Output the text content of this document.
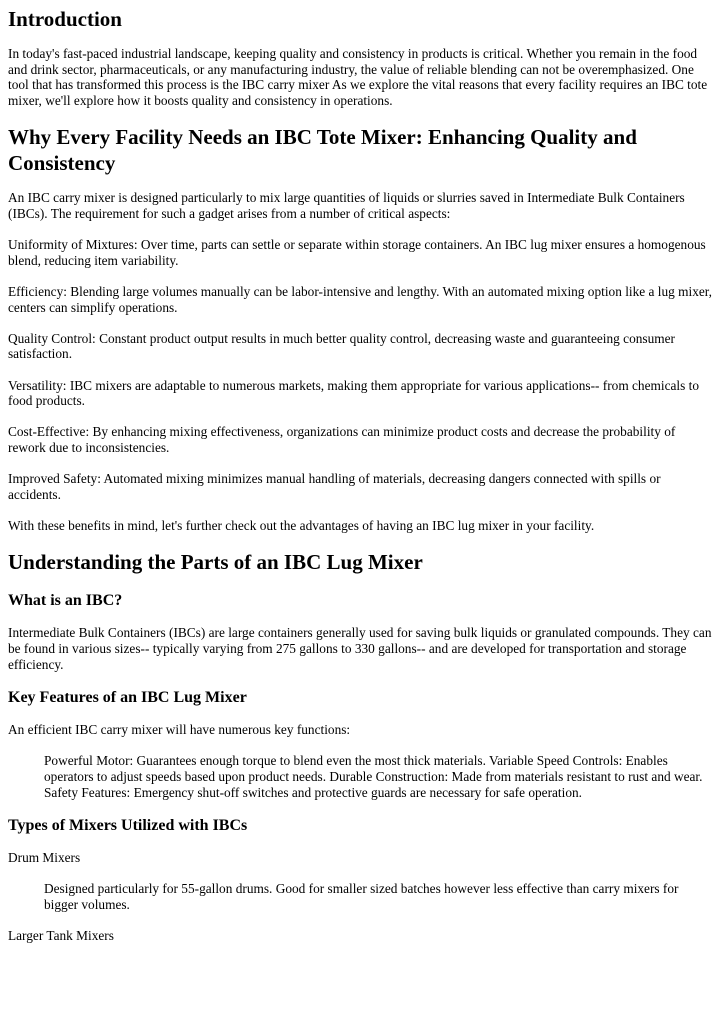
Introduction

In today's fast-paced industrial landscape, keeping quality and consistency in products is critical. Whether you remain in the food and drink sector, pharmaceuticals, or any manufacturing industry, the value of reliable blending can not be overemphasized. One tool that has transformed this process is the IBC carry mixer As we explore the vital reasons that every facility requires an IBC tote mixer, we'll explore how it boosts quality and consistency in operations.

Why Every Facility Needs an IBC Tote Mixer: Enhancing Quality and Consistency

An IBC carry mixer is designed particularly to mix large quantities of liquids or slurries saved in Intermediate Bulk Containers (IBCs). The requirement for such a gadget arises from a number of critical aspects:

Uniformity of Mixtures: Over time, parts can settle or separate within storage containers. An IBC lug mixer ensures a homogenous blend, reducing item variability.

Efficiency: Blending large volumes manually can be labor-intensive and lengthy. With an automated mixing option like a lug mixer, centers can simplify operations.

Quality Control: Constant product output results in much better quality control, decreasing waste and guaranteeing consumer satisfaction.

Versatility: IBC mixers are adaptable to numerous markets, making them appropriate for various applications-- from chemicals to food products.

Cost-Effective: By enhancing mixing effectiveness, organizations can minimize product costs and decrease the probability of rework due to inconsistencies.

Improved Safety: Automated mixing minimizes manual handling of materials, decreasing dangers connected with spills or accidents.

With these benefits in mind, let's further check out the advantages of having an IBC lug mixer in your facility.

Understanding the Parts of an IBC Lug Mixer
What is an IBC?

Intermediate Bulk Containers (IBCs) are large containers generally used for saving bulk liquids or granulated compounds. They can be found in various sizes-- typically varying from 275 gallons to 330 gallons-- and are developed for transportation and storage efficiency.

Key Features of an IBC Lug Mixer

An efficient IBC carry mixer will have numerous key functions:

Powerful Motor: Guarantees enough torque to blend even the most thick materials. Variable Speed Controls: Enables operators to adjust speeds based upon product needs. Durable Construction: Made from materials resistant to rust and wear. Safety Features: Emergency shut-off switches and protective guards are necessary for safe operation.
Types of Mixers Utilized with IBCs

Drum Mixers

Designed particularly for 55-gallon drums. Good for smaller sized batches however less effective than carry mixers for bigger volumes.

Larger Tank Mixers
